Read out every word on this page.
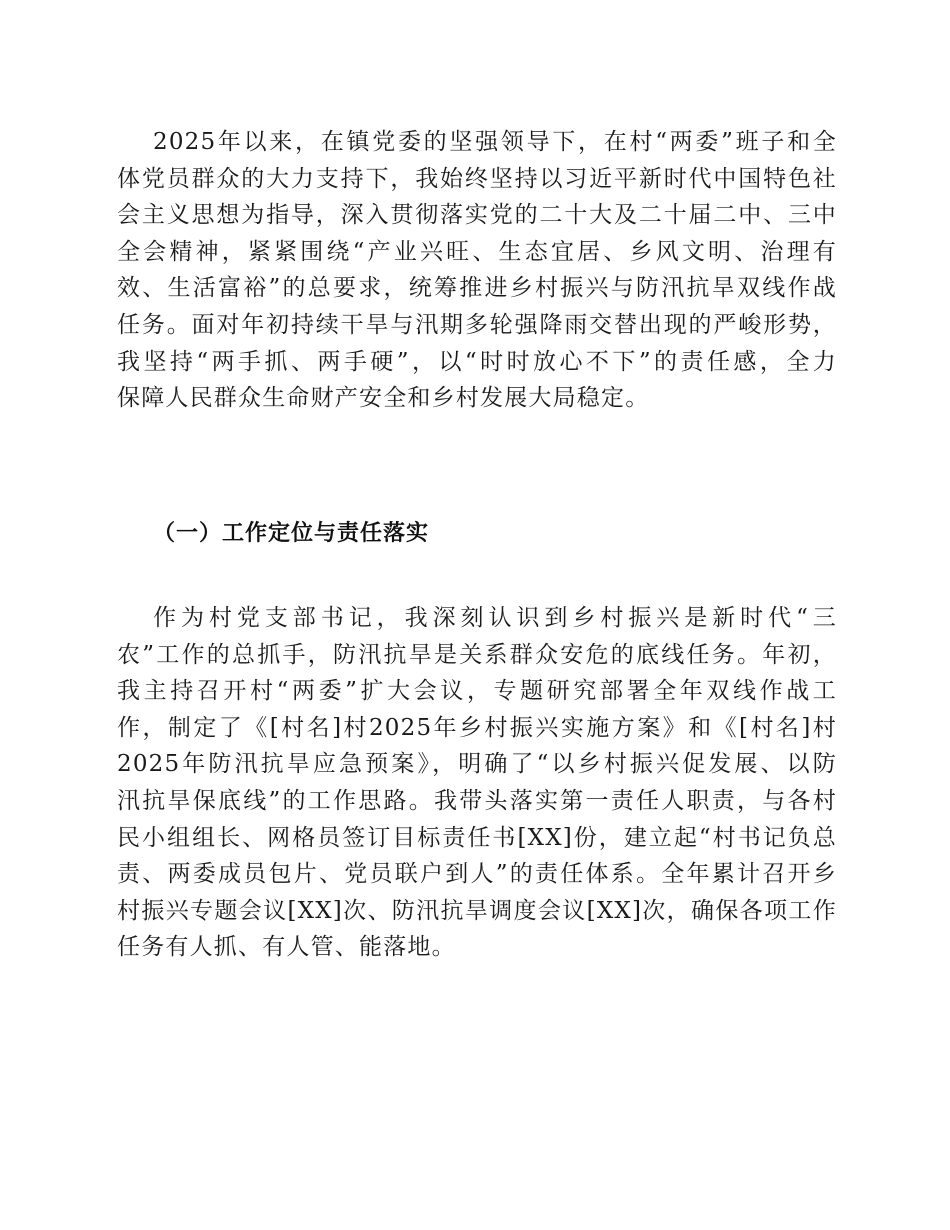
2025年以来，在镇党委的坚强领导下，在村“两委”班子和全
体党员群众的大力支持下，我始终坚持以习近平新时代中国特色社
会主义思想为指导，深入贯彻落实党的二十大及二十届二中、三中
全会精神，紧紧围绕“产业兴旺、生态宜居、乡风文明、治理有
效、生活富裕”的总要求，统筹推进乡村振兴与防汛抗旱双线作战
任务。面对年初持续干旱与汛期多轮强降雨交替出现的严峻形势，
我坚持“两手抓、两手硬”，以“时时放心不下”的责任感，全力
保障人民群众生命财产安全和乡村发展大局稳定。
（一）工作定位与责任落实
作为村党支部书记，我深刻认识到乡村振兴是新时代“三
农”工作的总抓手，防汛抗旱是关系群众安危的底线任务。年初，
我主持召开村“两委”扩大会议，专题研究部署全年双线作战工
作，制定了《[村名]村2025年乡村振兴实施方案》和《[村名]村
2025年防汛抗旱应急预案》，明确了“以乡村振兴促发展、以防
汛抗旱保底线”的工作思路。我带头落实第一责任人职责，与各村
民小组组长、网格员签订目标责任书[XX]份，建立起“村书记负总
责、两委成员包片、党员联户到人”的责任体系。全年累计召开乡
村振兴专题会议[XX]次、防汛抗旱调度会议[XX]次，确保各项工作
任务有人抓、有人管、能落地。
